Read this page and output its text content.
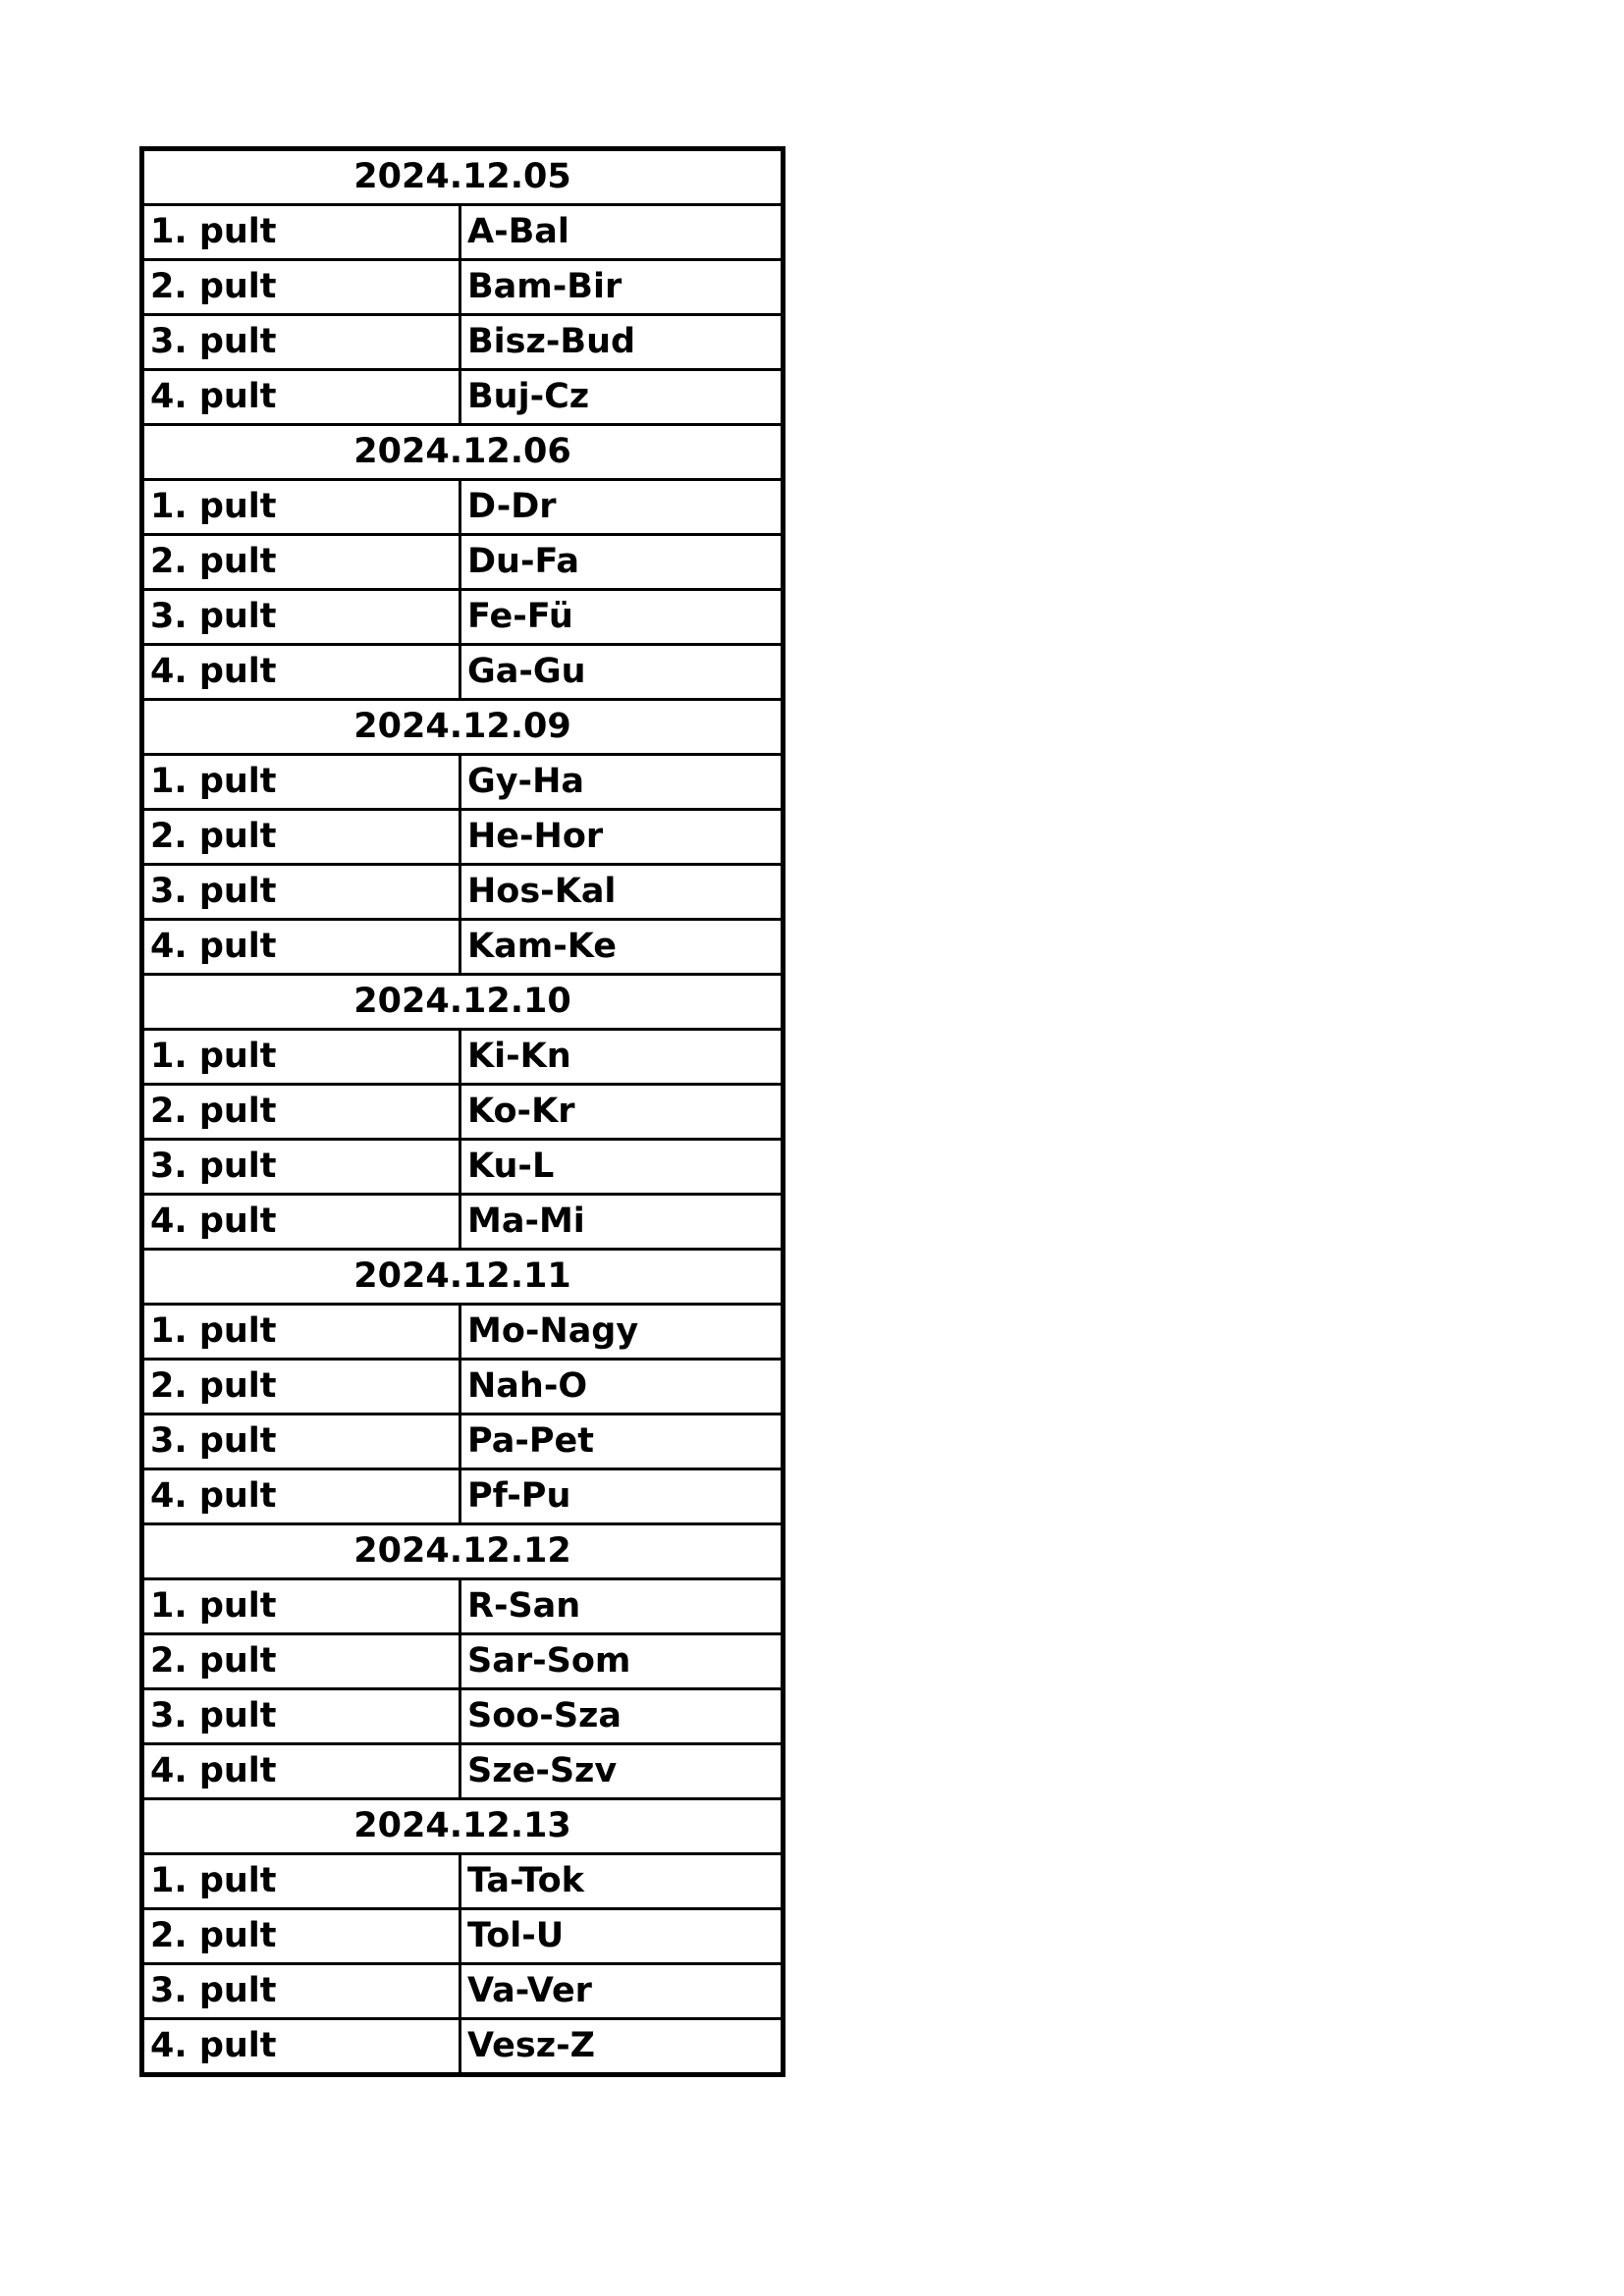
2024.12.05	
1. pult	A-Bal
2. pult	Bam-Bir
3. pult	Bisz-Bud
4. pult	Buj-Cz
2024.12.06	
1. pult	D-Dr
2. pult	Du-Fa
3. pult	Fe-Fü
4. pult	Ga-Gu
2024.12.09	
1. pult	Gy-Ha
2. pult	He-Hor
3. pult	Hos-Kal
4. pult	Kam-Ke
2024.12.10	
1. pult	Ki-Kn
2. pult	Ko-Kr
3. pult	Ku-L
4. pult	Ma-Mi
2024.12.11	
1. pult	Mo-Nagy
2. pult	Nah-O
3. pult	Pa-Pet
4. pult	Pf-Pu
2024.12.12	
1. pult	R-San
2. pult	Sar-Som
3. pult	Soo-Sza
4. pult	Sze-Szv
2024.12.13	
1. pult	Ta-Tok
2. pult	Tol-U
3. pult	Va-Ver
4. pult	Vesz-Z
